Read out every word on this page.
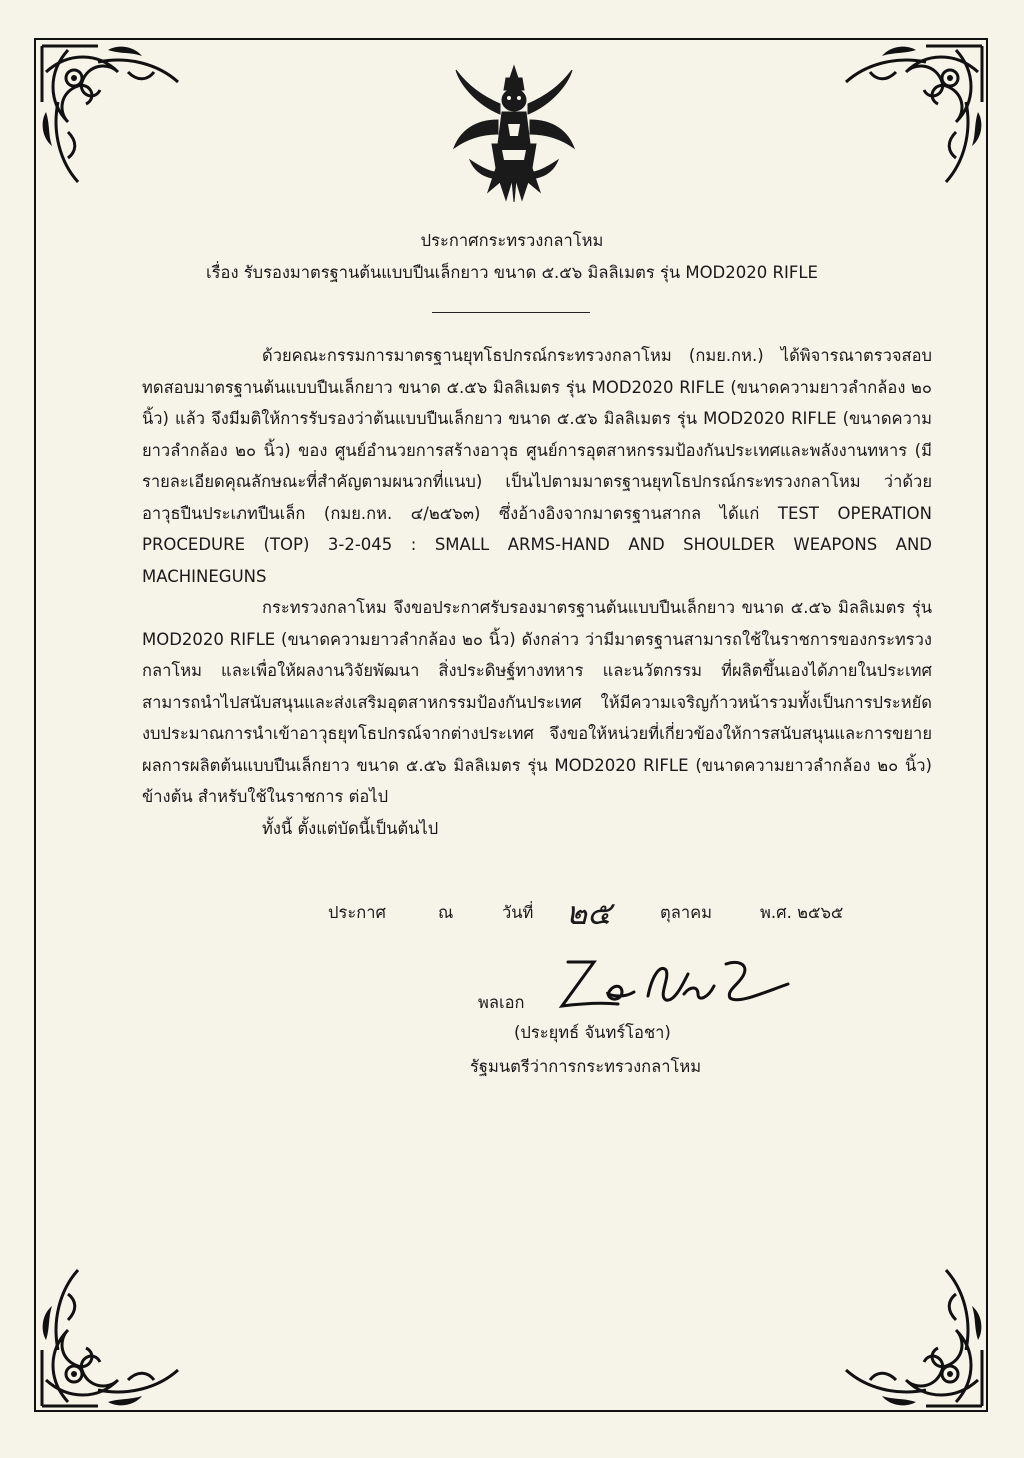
ประกาศกระทรวงกลาโหม
เรื่อง รับรองมาตรฐานต้นแบบปืนเล็กยาว ขนาด ๕.๕๖ มิลลิเมตร รุ่น MOD2020 RIFLE

ด้วยคณะกรรมการมาตรฐานยุทโธปกรณ์กระทรวงกลาโหม (กมย.กห.) ได้พิจารณาตรวจสอบ ทดสอบมาตรฐานต้นแบบปืนเล็กยาว ขนาด ๕.๕๖ มิลลิเมตร รุ่น MOD2020 RIFLE (ขนาดความยาวลำกล้อง ๒๐ นิ้ว) แล้ว จึงมีมติให้การรับรองว่าต้นแบบปืนเล็กยาว ขนาด ๕.๕๖ มิลลิเมตร รุ่น MOD2020 RIFLE (ขนาดความยาวลำกล้อง ๒๐ นิ้ว) ของ ศูนย์อำนวยการสร้างอาวุธ ศูนย์การอุตสาหกรรมป้องกันประเทศและพลังงานทหาร (มีรายละเอียดคุณลักษณะที่สำคัญตามผนวกที่แนบ) เป็นไปตามมาตรฐานยุทโธปกรณ์กระทรวงกลาโหม ว่าด้วยอาวุธปืนประเภทปืนเล็ก (กมย.กห. ๔/๒๕๖๓) ซึ่งอ้างอิงจากมาตรฐานสากล ได้แก่ TEST OPERATION PROCEDURE (TOP) 3-2-045 : SMALL ARMS-HAND AND SHOULDER WEAPONS AND MACHINEGUNS

กระทรวงกลาโหม จึงขอประกาศรับรองมาตรฐานต้นแบบปืนเล็กยาว ขนาด ๕.๕๖ มิลลิเมตร รุ่น MOD2020 RIFLE (ขนาดความยาวลำกล้อง ๒๐ นิ้ว) ดังกล่าว ว่ามีมาตรฐานสามารถใช้ในราชการของกระทรวงกลาโหม และเพื่อให้ผลงานวิจัยพัฒนา สิ่งประดิษฐ์ทางทหาร และนวัตกรรม ที่ผลิตขึ้นเองได้ภายในประเทศ สามารถนำไปสนับสนุนและส่งเสริมอุตสาหกรรมป้องกันประเทศ ให้มีความเจริญก้าวหน้ารวมทั้งเป็นการประหยัดงบประมาณการนำเข้าอาวุธยุทโธปกรณ์จากต่างประเทศ จึงขอให้หน่วยที่เกี่ยวข้องให้การสนับสนุนและการขยายผลการผลิตต้นแบบปืนเล็กยาว ขนาด ๕.๕๖ มิลลิเมตร รุ่น MOD2020 RIFLE (ขนาดความยาวลำกล้อง ๒๐ นิ้ว) ข้างต้น สำหรับใช้ในราชการ ต่อไป

ทั้งนี้ ตั้งแต่บัดนี้เป็นต้นไป

ประกาศ	ณ	วันที่ ๒๕	ตุลาคม	พ.ศ. ๒๕๖๕
พลเอก
(ประยุทธ์ จันทร์โอชา)
รัฐมนตรีว่าการกระทรวงกลาโหม
